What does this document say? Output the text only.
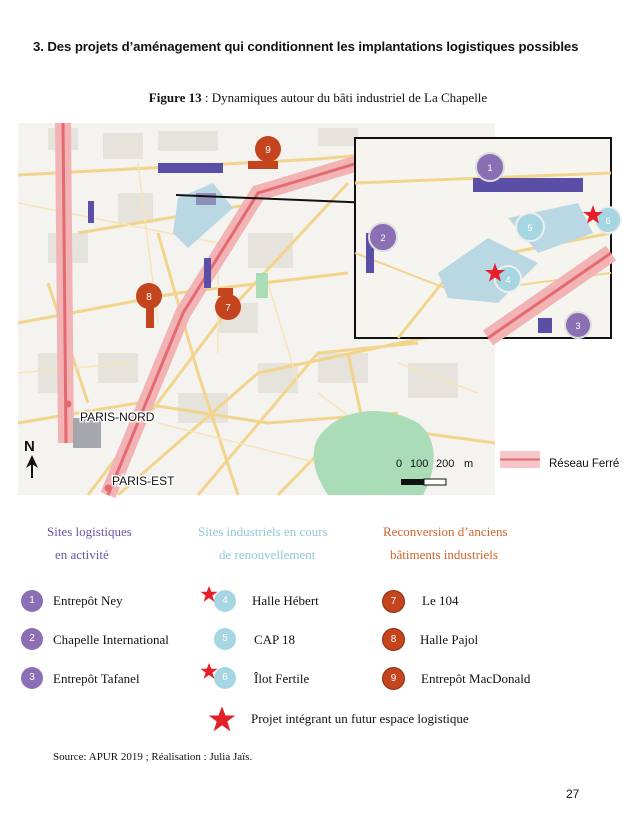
3. Des projets d’aménagement qui conditionnent les implantations logistiques possibles
Figure 13 : Dynamiques autour du bâti industriel de La Chapelle
9
8
7
1
2
3
4
5
6
PARIS-NORD
PARIS-EST
N
0 100 200 m	Réseau Ferré
Sites logistiques
en activité
Sites industriels en cours
de renouvellement
Reconversion d’anciens
bâtiments industriels
1	Entrepôt Ney
2	Chapelle International
3	Entrepôt Tafanel
4	Halle Hébert
5	CAP 18
6	Îlot Fertile
7	Le 104
8	Halle Pajol
9	Entrepôt MacDonald
Projet intégrant un futur espace logistique
Source: APUR 2019 ; Réalisation : Julia Jaïs.
27
